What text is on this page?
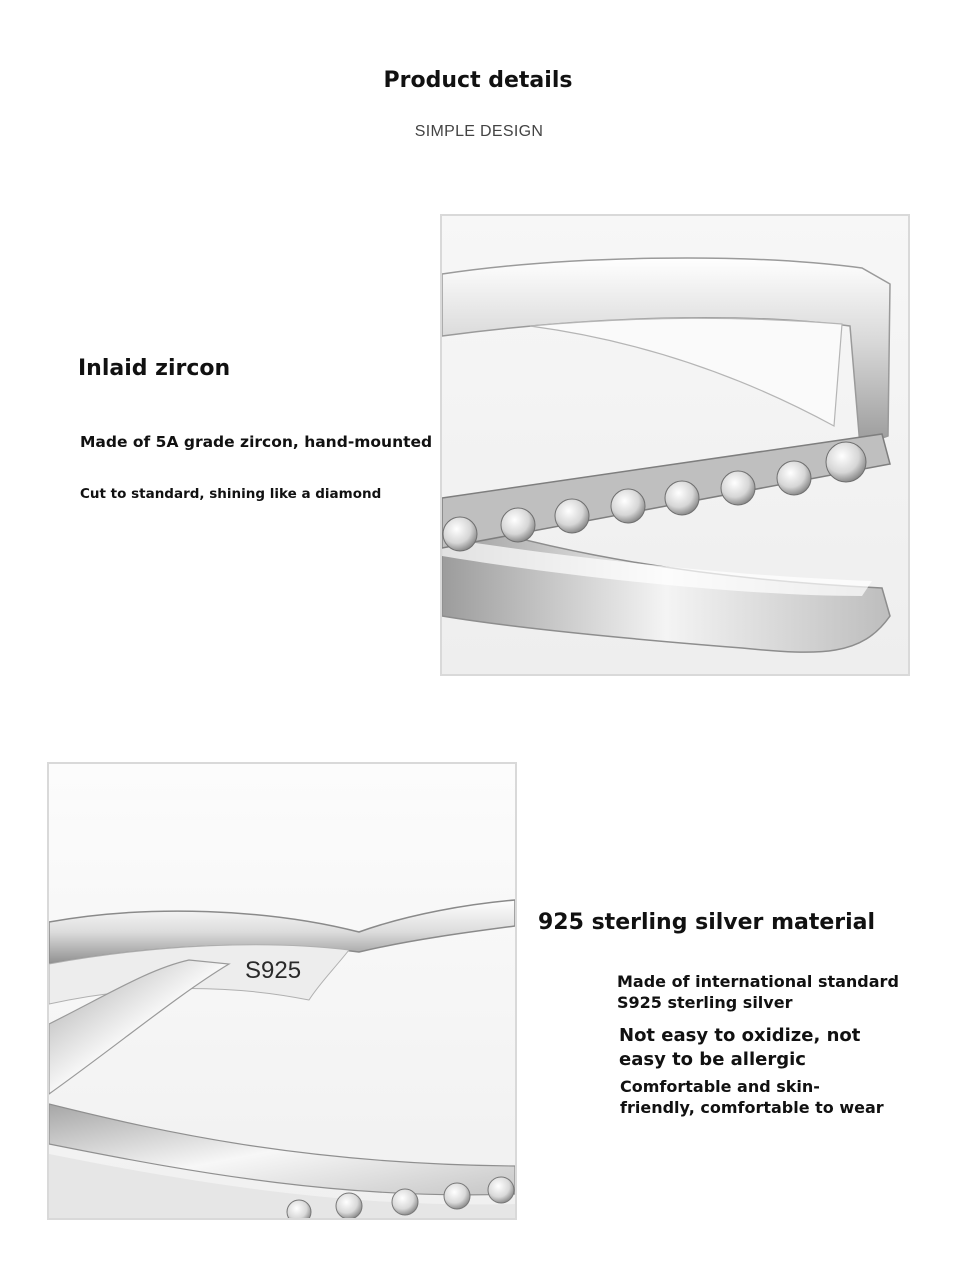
Product details
SIMPLE DESIGN
Inlaid zircon
Made of 5A grade zircon, hand-mounted
Cut to standard, shining like a diamond
S925
925 sterling silver material
Made of international standard
S925 sterling silver
Not easy to oxidize, not
easy to be allergic
Comfortable and skin-
friendly, comfortable to wear
